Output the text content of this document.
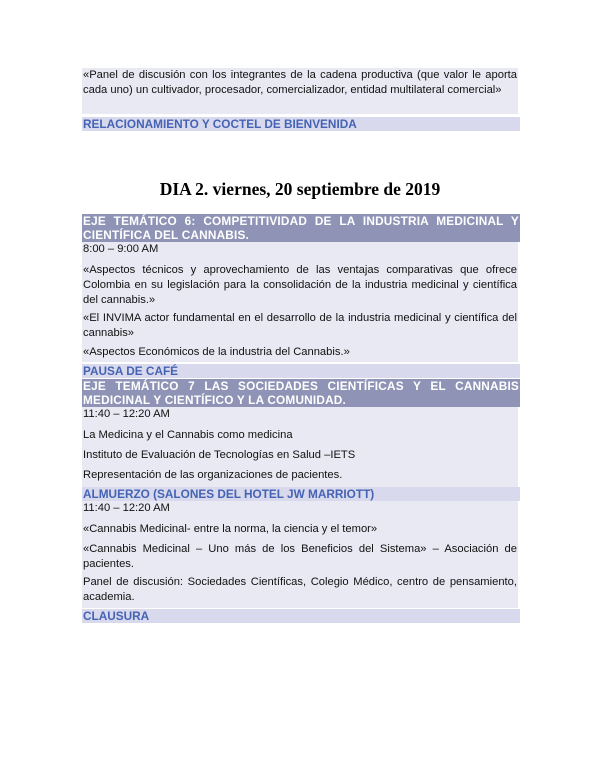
«Panel de discusión con los integrantes de la cadena productiva (que valor le aporta cada uno) un cultivador, procesador, comercializador, entidad multilateral comercial»

RELACIONAMIENTO Y COCTEL DE BIENVENIDA
DIA 2. viernes, 20 septiembre de 2019
EJE TEMÁTICO 6: COMPETITIVIDAD DE LA INDUSTRIA MEDICINAL Y CIENTÍFICA DEL CANNABIS.

8:00 – 9:00 AM

«Aspectos técnicos y aprovechamiento de las ventajas comparativas que ofrece Colombia en su legislación para la consolidación de la industria medicinal y científica del cannabis.»

«El INVIMA actor fundamental en el desarrollo de la industria medicinal y científica del cannabis»

«Aspectos Económicos de la industria del Cannabis.»

PAUSA DE CAFÉ
EJE TEMÁTICO 7 LAS SOCIEDADES CIENTÍFICAS Y EL CANNABIS MEDICINAL Y CIENTÍFICO Y LA COMUNIDAD.

11:40 – 12:20 AM

La Medicina y el Cannabis como medicina

Instituto de Evaluación de Tecnologías en Salud –IETS

Representación de las organizaciones de pacientes.

ALMUERZO (SALONES DEL HOTEL JW MARRIOTT)

11:40 – 12:20 AM

«Cannabis Medicinal- entre la norma, la ciencia y el temor»

«Cannabis Medicinal – Uno más de los Beneficios del Sistema» – Asociación de pacientes.

Panel de discusión: Sociedades Científicas, Colegio Médico, centro de pensamiento, academia.

CLAUSURA
